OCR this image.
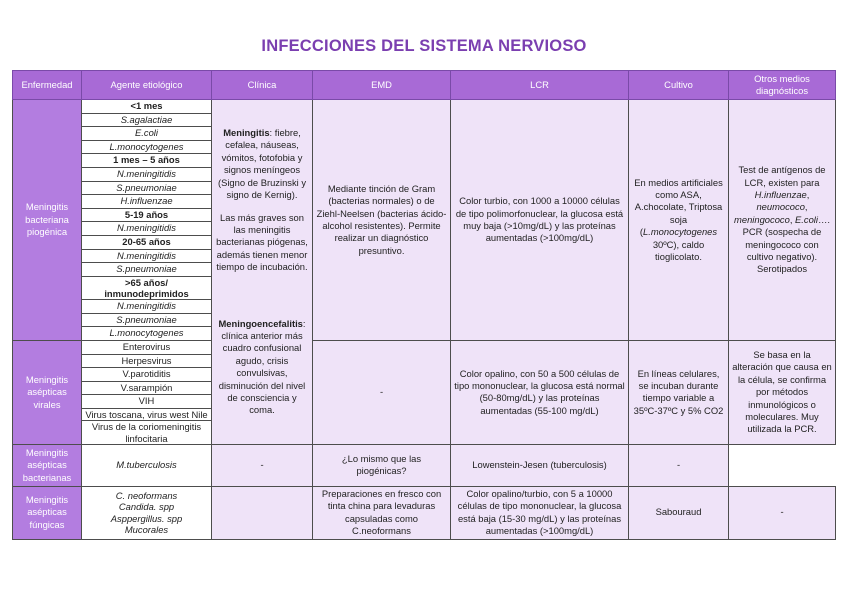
INFECCIONES DEL SISTEMA NERVIOSO
Enfermedad	Agente etiológico	Clínica	EMD	LCR	Cultivo	Otros medios diagnósticos
Meningitis bacteriana piogénica	<1 mes	Meningitis: fiebre, cefalea, náuseas, vómitos, fotofobia y signos meníngeos (Signo de Bruzinski y signo de Kernig).

Las más graves son las meningitis bacterianas piógenas, además tienen menor tiempo de incubación.

Meningoencefalitis: clínica anterior más cuadro confusional agudo, crisis convulsivas, disminución del nivel de consciencia y coma.	Mediante tinción de Gram (bacterias normales) o de Ziehl-Neelsen (bacterias ácido-alcohol resistentes). Permite realizar un diagnóstico presuntivo.	Color turbio, con 1000 a 10000 células de tipo polimorfonuclear, la glucosa está muy baja (>10mg/dL) y las proteínas aumentadas (>100mg/dL)	En medios artificiales como ASA, A.chocolate, Triptosa soja (L.monocytogenes 30ºC), caldo tioglicolato.	Test de antígenos de LCR, existen para H.influenzae, neumococo, meningococo, E.coli…. PCR (sospecha de meningococo con cultivo negativo). Serotipados
	S.agalactiae					
	E.coli					
	L.monocytogenes					
	1 mes – 5 años					
	N.meningitidis					
	S.pneumoniae					
	H.influenzae					
	5-19 años					
	N.meningitidis					
	20-65 años					
	N.meningitidis					
	S.pneumoniae					
	>65 años/ inmunodeprimidos					
	N.meningitidis					
	S.pneumoniae					
	L.monocytogenes					
Meningitis asépticas virales	Enterovirus		-	Color opalino, con 50 a 500 células de tipo mononuclear, la glucosa está normal (50-80mg/dL) y las proteínas aumentadas (55-100 mg/dL)	En líneas celulares, se incuban durante tiempo variable a 35ºC-37ºC y 5% CO2	Se basa en la alteración que causa en la célula, se confirma por métodos inmunológicos o moleculares. Muy utilizada la PCR.
	Herpesvirus					
	V.parotiditis					
	V.sarampión					
	VIH					
	Virus toscana, virus west Nile					
	Virus de la coriomeningitis linfocitaria					
Meningitis asépticas bacterianas	M.tuberculosis	-	¿Lo mismo que las piogénicas?	Lowenstein-Jesen (tuberculosis)	-	
Meningitis asépticas fúngicas	C. neoformans
Candida. spp
Asppergillus. spp
Mucorales		Preparaciones en fresco con tinta china para levaduras capsuladas como C.neoformans	Color opalino/turbio, con 5 a 10000 células de tipo mononuclear, la glucosa está baja (15-30 mg/dL) y las proteínas aumentadas (>100mg/dL)	Sabouraud	-
